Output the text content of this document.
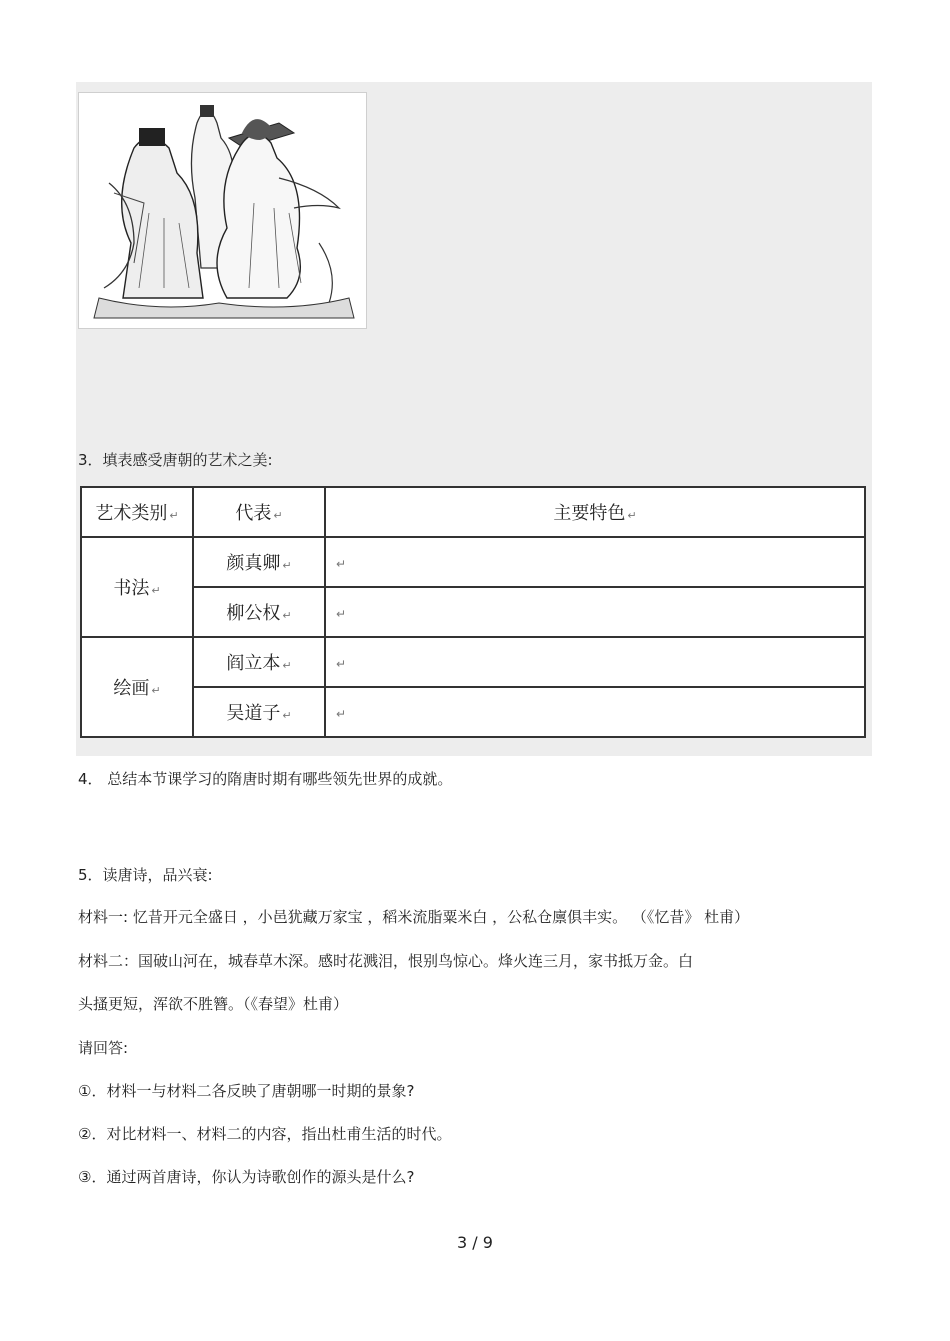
3．填表感受唐朝的艺术之美:
艺术类别 ↵	代表 ↵	主要特色 ↵
书法 ↵	颜真卿 ↵	↵
	柳公权 ↵	↵
绘画 ↵	阎立本 ↵	↵
	吴道子 ↵	↵
4． 总结本节课学习的隋唐时期有哪些领先世界的成就。
5．读唐诗，品兴衰:
材料一: 忆昔开元全盛日 ，小邑犹藏万家宝 ，稻米流脂粟米白 ，公私仓廪俱丰实。 （《忆昔》 杜甫）
材料二：国破山河在，城春草木深。感时花溅泪，恨别鸟惊心。烽火连三月，家书抵万金。白
头搔更短，浑欲不胜簪。（《春望》杜甫）
请回答:
①．材料一与材料二各反映了唐朝哪一时期的景象?
②．对比材料一、材料二的内容，指出杜甫生活的时代。
③．通过两首唐诗，你认为诗歌创作的源头是什么?
3 / 9
